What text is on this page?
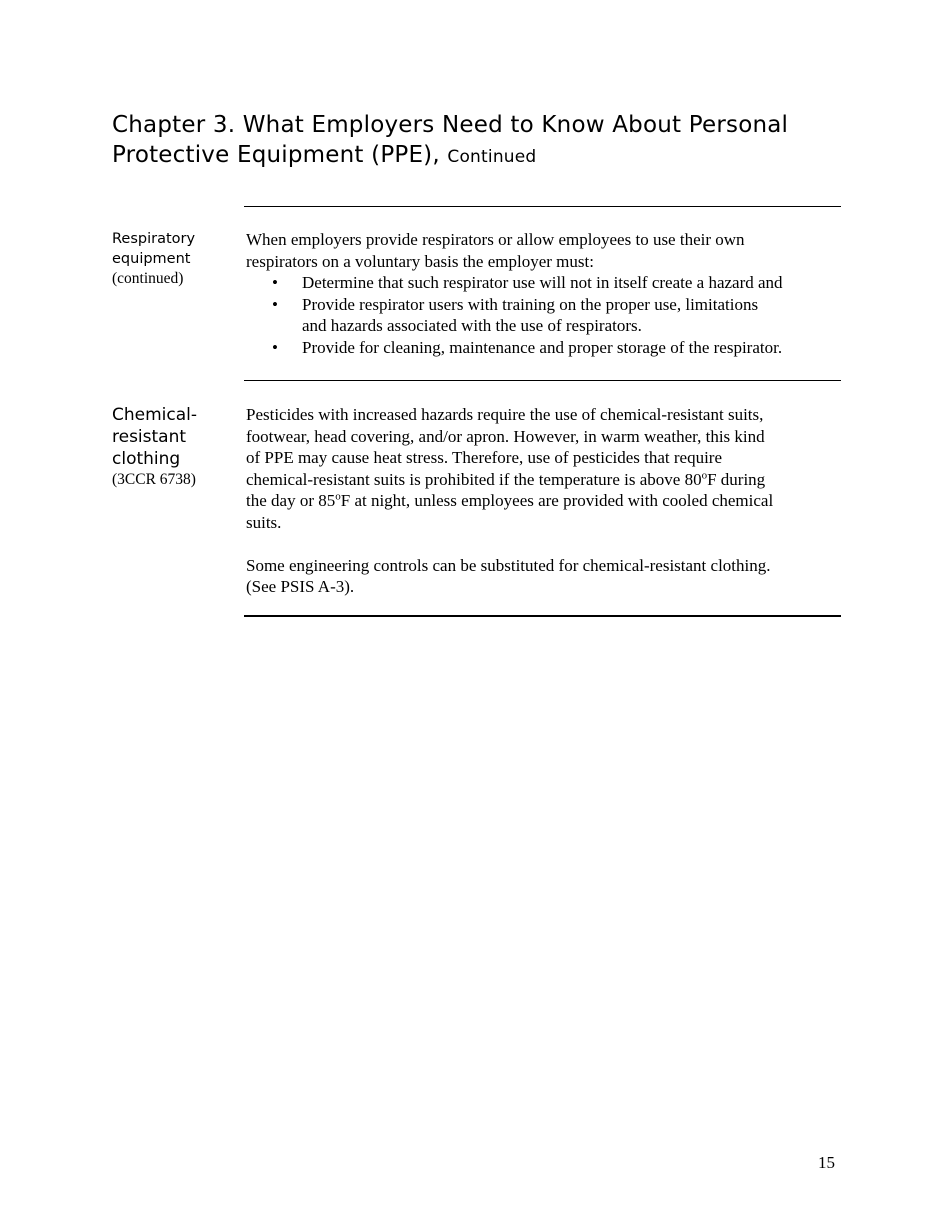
Chapter 3. What Employers Need to Know About Personal
Protective Equipment (PPE), Continued
Respiratory
equipment
(continued)

When employers provide respirators or allow employees to use their own
respirators on a voluntary basis the employer must:

• Determine that such respirator use will not in itself create a hazard and
• Provide respirator users with training on the proper use, limitations
and hazards associated with the use of respirators.
• Provide for cleaning, maintenance and proper storage of the respirator.
Chemical-
resistant
clothing
(3CCR 6738)

Pesticides with increased hazards require the use of chemical-resistant suits,
footwear, head covering, and/or apron. However, in warm weather, this kind
of PPE may cause heat stress. Therefore, use of pesticides that require
chemical-resistant suits is prohibited if the temperature is above 80$^o$F during
the day or 85$^o$F at night, unless employees are provided with cooled chemical
suits.

Some engineering controls can be substituted for chemical-resistant clothing.
(See PSIS A-3).

15
